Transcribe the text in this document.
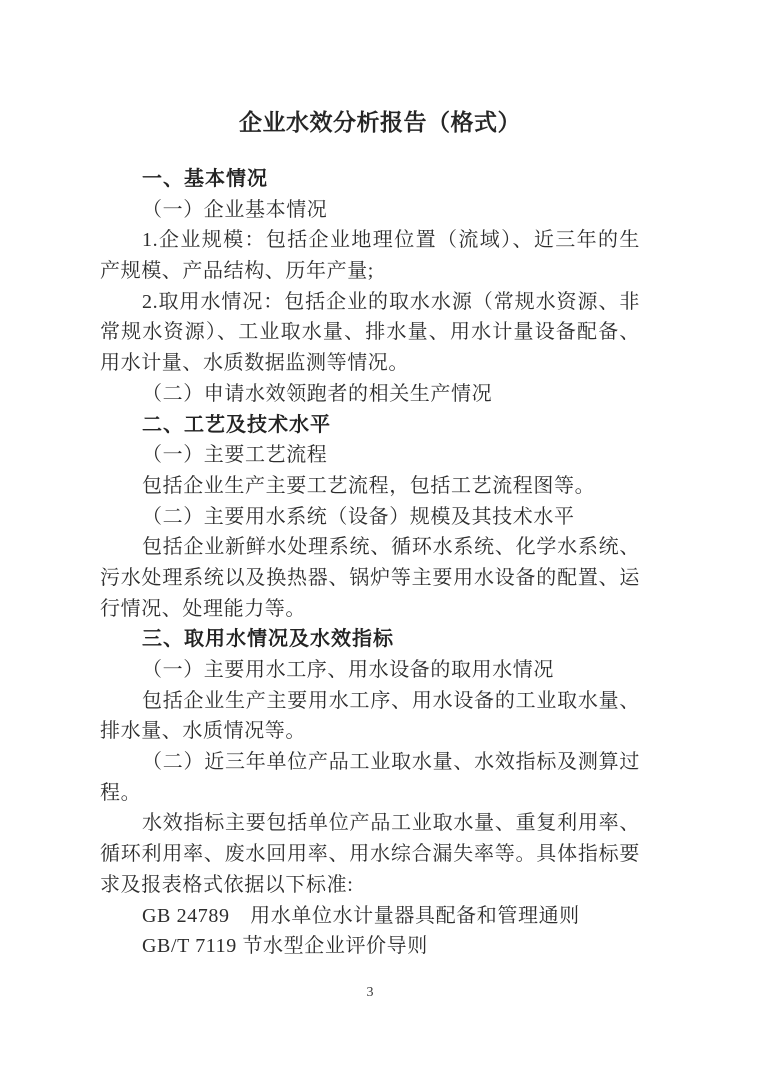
企业水效分析报告（格式）
一、基本情况
（一）企业基本情况
1.企业规模：包括企业地理位置（流域）、近三年的生
产规模、产品结构、历年产量;
2.取用水情况：包括企业的取水水源（常规水资源、非
常规水资源）、工业取水量、排水量、用水计量设备配备、
用水计量、水质数据监测等情况。
（二）申请水效领跑者的相关生产情况
二、工艺及技术水平
（一）主要工艺流程
包括企业生产主要工艺流程，包括工艺流程图等。
（二）主要用水系统（设备）规模及其技术水平
包括企业新鲜水处理系统、循环水系统、化学水系统、
污水处理系统以及换热器、锅炉等主要用水设备的配置、运
行情况、处理能力等。
三、取用水情况及水效指标
（一）主要用水工序、用水设备的取用水情况
包括企业生产主要用水工序、用水设备的工业取水量、
排水量、水质情况等。
（二）近三年单位产品工业取水量、水效指标及测算过
程。
水效指标主要包括单位产品工业取水量、重复利用率、
循环利用率、废水回用率、用水综合漏失率等。具体指标要
求及报表格式依据以下标准:
GB 24789　用水单位水计量器具配备和管理通则
GB/T 7119 节水型企业评价导则
3
